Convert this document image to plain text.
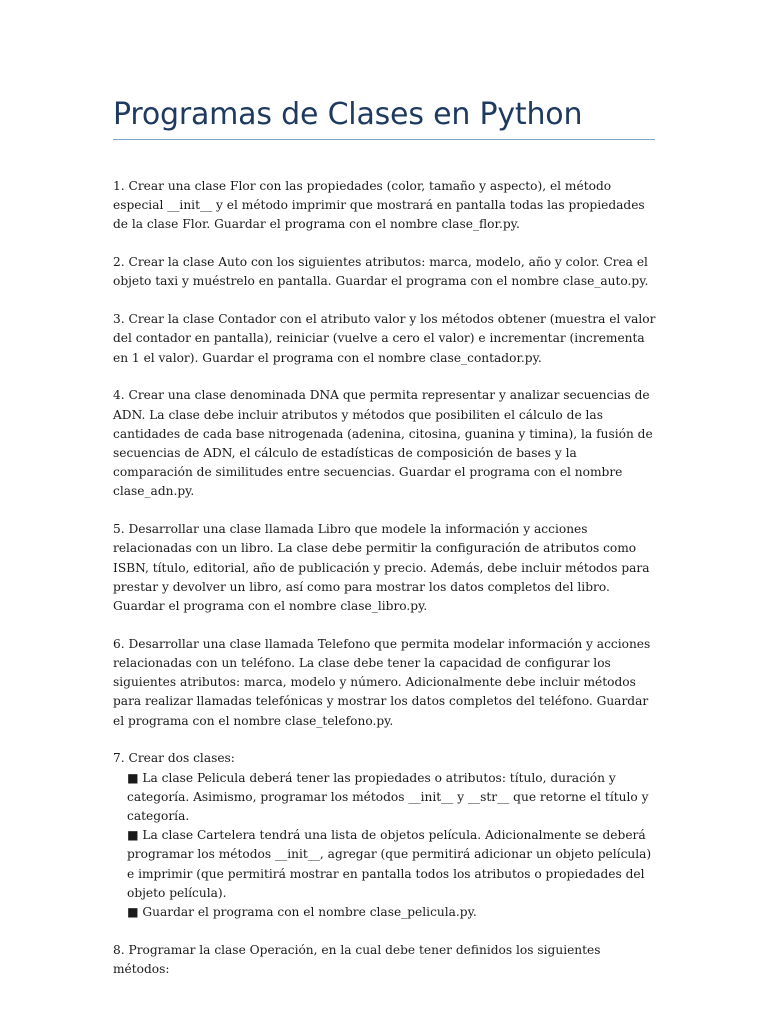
Programas de Clases en Python

1. Crear una clase Flor con las propiedades (color, tamaño y aspecto), el método especial __init__ y el método imprimir que mostrará en pantalla todas las propiedades de la clase Flor. Guardar el programa con el nombre clase_flor.py.

2. Crear la clase Auto con los siguientes atributos: marca, modelo, año y color. Crea el objeto taxi y muéstrelo en pantalla. Guardar el programa con el nombre clase_auto.py.

3. Crear la clase Contador con el atributo valor y los métodos obtener (muestra el valor del contador en pantalla), reiniciar (vuelve a cero el valor) e incrementar (incrementa en 1 el valor). Guardar el programa con el nombre clase_contador.py.

4. Crear una clase denominada DNA que permita representar y analizar secuencias de ADN. La clase debe incluir atributos y métodos que posibiliten el cálculo de las cantidades de cada base nitrogenada (adenina, citosina, guanina y timina), la fusión de secuencias de ADN, el cálculo de estadísticas de composición de bases y la comparación de similitudes entre secuencias. Guardar el programa con el nombre clase_adn.py.

5. Desarrollar una clase llamada Libro que modele la información y acciones relacionadas con un libro. La clase debe permitir la configuración de atributos como ISBN, título, editorial, año de publicación y precio. Además, debe incluir métodos para prestar y devolver un libro, así como para mostrar los datos completos del libro. Guardar el programa con el nombre clase_libro.py.

6. Desarrollar una clase llamada Telefono que permita modelar información y acciones relacionadas con un teléfono. La clase debe tener la capacidad de configurar los siguientes atributos: marca, modelo y número. Adicionalmente debe incluir métodos para realizar llamadas telefónicas y mostrar los datos completos del teléfono. Guardar el programa con el nombre clase_telefono.py.

7. Crear dos clases:

■ La clase Pelicula deberá tener las propiedades o atributos: título, duración y categoría. Asimismo, programar los métodos __init__ y __str__ que retorne el título y categoría.

■ La clase Cartelera tendrá una lista de objetos película. Adicionalmente se deberá programar los métodos __init__, agregar (que permitirá adicionar un objeto película) e imprimir (que permitirá mostrar en pantalla todos los atributos o propiedades del objeto película).

■ Guardar el programa con el nombre clase_pelicula.py.

8. Programar la clase Operación, en la cual debe tener definidos los siguientes métodos:
